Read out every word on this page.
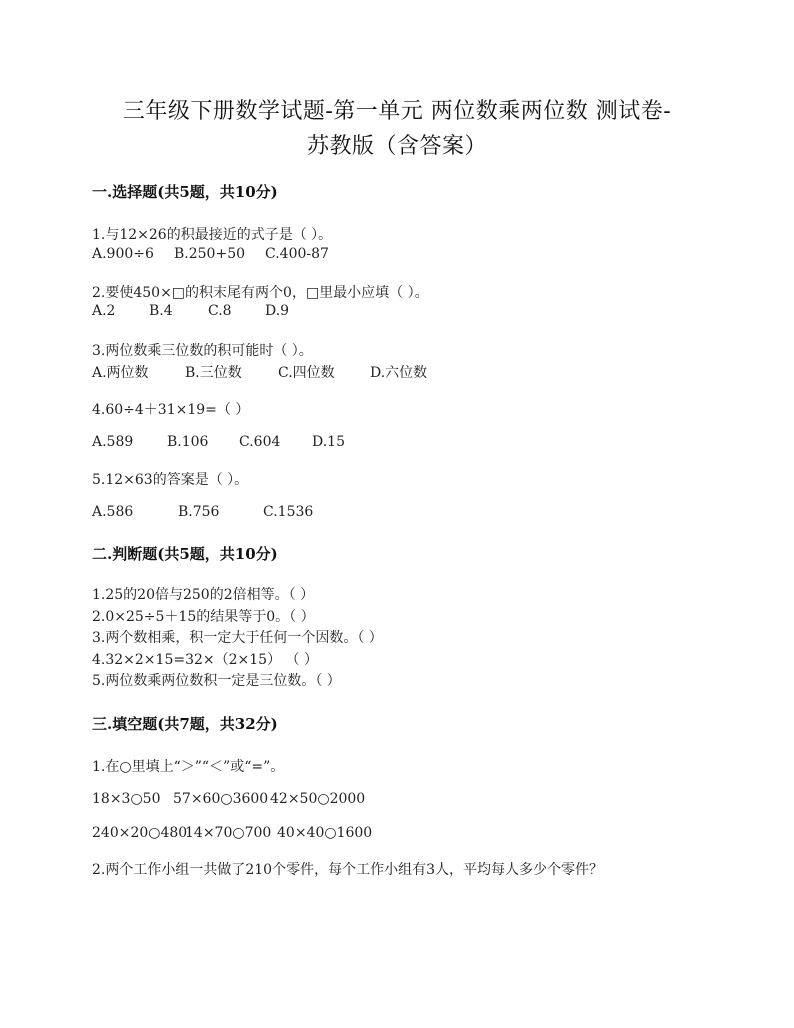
三年级下册数学试题-第一单元 两位数乘两位数 测试卷-
苏教版（含答案）
一.选择题(共5题，共10分)
1.与12×26的积最接近的式子是（ ）。
A.900÷6 B.250+50 C.400-87
2.要使450×□的积末尾有两个0，□里最小应填（ ）。
A.2 B.4	C.8 D.9
3.两位数乘三位数的积可能时（ ）。
A.两位数	B.三位数	C.四位数	D.六位数
4.60÷4＋31×19=（ ）
A.589 B.106 C.604 D.15
5.12×63的答案是（ ）。
A.586	B.756	C.1536
二.判断题(共5题，共10分)
1.25的20倍与250的2倍相等。（ ）
2.0×25÷5＋15的结果等于0。（ ）
3.两个数相乘，积一定大于任何一个因数。（ ）
4.32×2×15=32×（2×15） （ ）
5.两位数乘两位数积一定是三位数。（ ）
三.填空题(共7题，共32分)
1.在○里填上“＞”“＜”或“=”。
18×3○50 57×60○3600 42×50○2000
240×20○480
14×70○700 40×40○1600
2.两个工作小组一共做了210个零件，每个工作小组有3人，平均每人多少个零件？
